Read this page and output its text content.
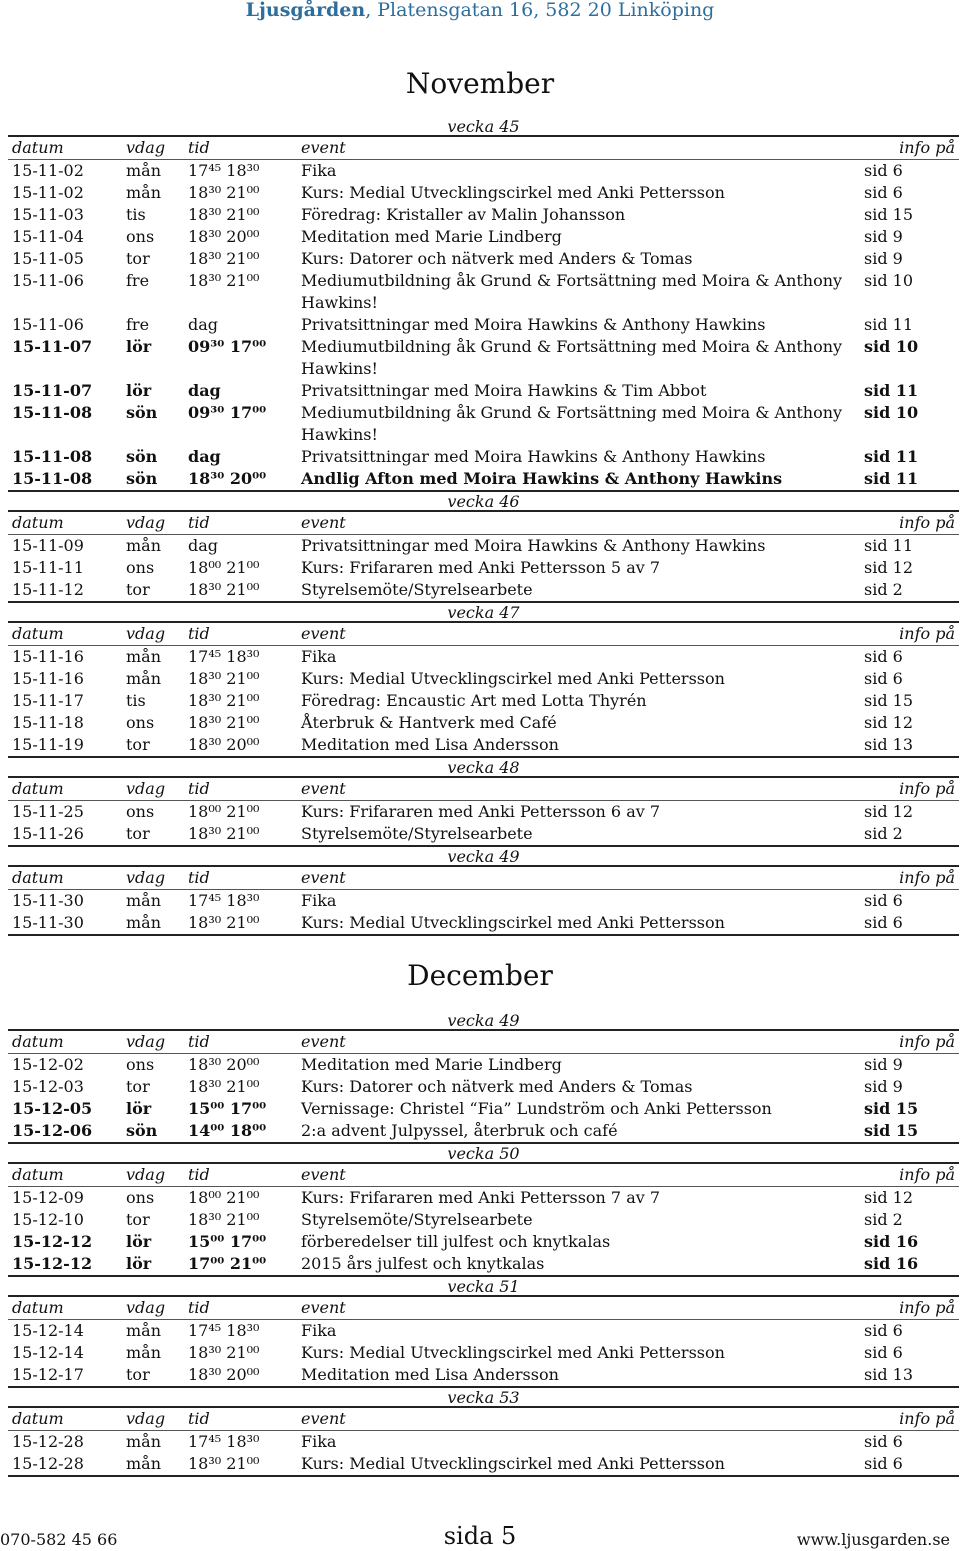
Ljusgården, Platensgatan 16, 582 20 Linköping
November
vecka 45
datum	vdag	tid	event	info på
15-11-02	mån	17⁴⁵ 18³⁰	Fika	sid 6
15-11-02	mån	18³⁰ 21⁰⁰	Kurs: Medial Utvecklingscirkel med Anki Pettersson	sid 6
15-11-03	tis	18³⁰ 21⁰⁰	Föredrag: Kristaller av Malin Johansson	sid 15
15-11-04	ons	18³⁰ 20⁰⁰	Meditation med Marie Lindberg	sid 9
15-11-05	tor	18³⁰ 21⁰⁰	Kurs: Datorer och nätverk med Anders & Tomas	sid 9
15-11-06	fre	18³⁰ 21⁰⁰	Mediumutbildning åk Grund & Fortsättning med Moira & Anthony Hawkins!	sid 10
15-11-06	fre	dag	Privatsittningar med Moira Hawkins & Anthony Hawkins	sid 11
15-11-07	lör	09³⁰ 17⁰⁰	Mediumutbildning åk Grund & Fortsättning med Moira & Anthony Hawkins!	sid 10
15-11-07	lör	dag	Privatsittningar med Moira Hawkins & Tim Abbot	sid 11
15-11-08	sön	09³⁰ 17⁰⁰	Mediumutbildning åk Grund & Fortsättning med Moira & Anthony Hawkins!	sid 10
15-11-08	sön	dag	Privatsittningar med Moira Hawkins & Anthony Hawkins	sid 11
15-11-08	sön	18³⁰ 20⁰⁰	Andlig Afton med Moira Hawkins & Anthony Hawkins	sid 11
vecka 46
datum	vdag	tid	event	info på
15-11-09	mån	dag	Privatsittningar med Moira Hawkins & Anthony Hawkins	sid 11
15-11-11	ons	18⁰⁰ 21⁰⁰	Kurs: Frifararen med Anki Pettersson 5 av 7	sid 12
15-11-12	tor	18³⁰ 21⁰⁰	Styrelsemöte/Styrelsearbete	sid 2
vecka 47
datum	vdag	tid	event	info på
15-11-16	mån	17⁴⁵ 18³⁰	Fika	sid 6
15-11-16	mån	18³⁰ 21⁰⁰	Kurs: Medial Utvecklingscirkel med Anki Pettersson	sid 6
15-11-17	tis	18³⁰ 21⁰⁰	Föredrag: Encaustic Art med Lotta Thyrén	sid 15
15-11-18	ons	18³⁰ 21⁰⁰	Återbruk & Hantverk med Café	sid 12
15-11-19	tor	18³⁰ 20⁰⁰	Meditation med Lisa Andersson	sid 13
vecka 48
datum	vdag	tid	event	info på
15-11-25	ons	18⁰⁰ 21⁰⁰	Kurs: Frifararen med Anki Pettersson 6 av 7	sid 12
15-11-26	tor	18³⁰ 21⁰⁰	Styrelsemöte/Styrelsearbete	sid 2
vecka 49
datum	vdag	tid	event	info på
15-11-30	mån	17⁴⁵ 18³⁰	Fika	sid 6
15-11-30	mån	18³⁰ 21⁰⁰	Kurs: Medial Utvecklingscirkel med Anki Pettersson	sid 6
December
vecka 49
datum	vdag	tid	event	info på
15-12-02	ons	18³⁰ 20⁰⁰	Meditation med Marie Lindberg	sid 9
15-12-03	tor	18³⁰ 21⁰⁰	Kurs: Datorer och nätverk med Anders & Tomas	sid 9
15-12-05	lör	15⁰⁰ 17⁰⁰	Vernissage: Christel “Fia” Lundström och Anki Pettersson	sid 15
15-12-06	sön	14⁰⁰ 18⁰⁰	2:a advent Julpyssel, återbruk och café	sid 15
vecka 50
datum	vdag	tid	event	info på
15-12-09	ons	18⁰⁰ 21⁰⁰	Kurs: Frifararen med Anki Pettersson 7 av 7	sid 12
15-12-10	tor	18³⁰ 21⁰⁰	Styrelsemöte/Styrelsearbete	sid 2
15-12-12	lör	15⁰⁰ 17⁰⁰	förberedelser till julfest och knytkalas	sid 16
15-12-12	lör	17⁰⁰ 21⁰⁰	2015 års julfest och knytkalas	sid 16
vecka 51
datum	vdag	tid	event	info på
15-12-14	mån	17⁴⁵ 18³⁰	Fika	sid 6
15-12-14	mån	18³⁰ 21⁰⁰	Kurs: Medial Utvecklingscirkel med Anki Pettersson	sid 6
15-12-17	tor	18³⁰ 20⁰⁰	Meditation med Lisa Andersson	sid 13
vecka 53
datum	vdag	tid	event	info på
15-12-28	mån	17⁴⁵ 18³⁰	Fika	sid 6
15-12-28	mån	18³⁰ 21⁰⁰	Kurs: Medial Utvecklingscirkel med Anki Pettersson	sid 6
070-582 45 66	sida 5	www.ljusgarden.se
